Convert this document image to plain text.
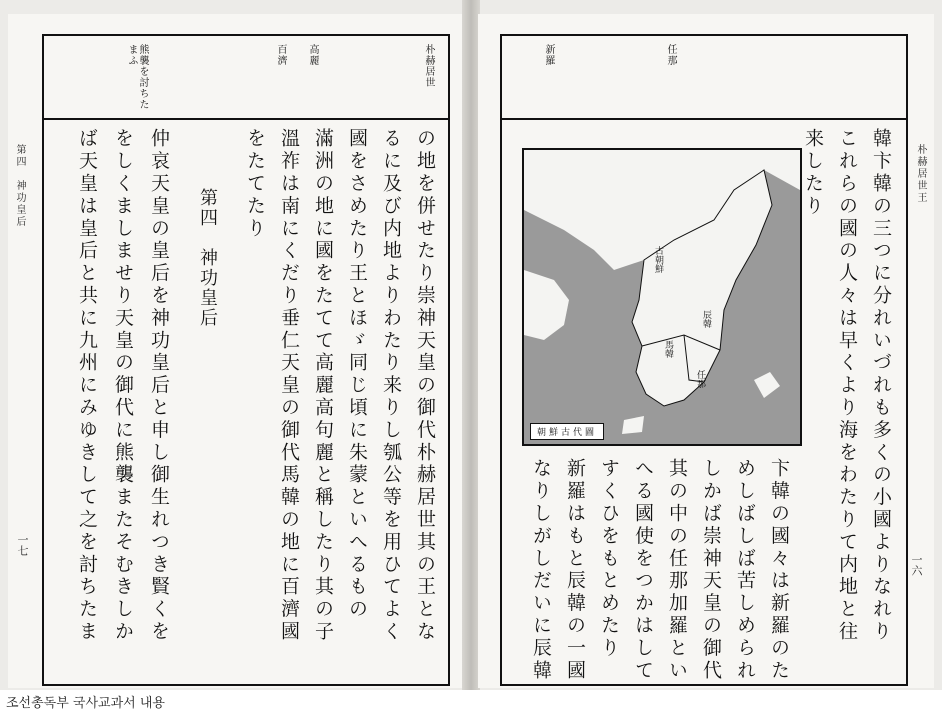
第四　神功皇后
一七
朴赫居世
高麗
百濟
熊襲を討ちたまふ
の地を併せたり崇神天皇の御代朴赫居世其の王とな
るに及び内地よりわたり来りし瓠公等を用ひてよく
國をさめたり王とほゞ同じ頃に朱蒙といへるもの
滿洲の地に國をたてて高麗高句麗と稱したり其の子
溫祚は南にくだり垂仁天皇の御代馬韓の地に百濟國
をたてたり
第四　神功皇后
仲哀天皇の皇后を神功皇后と申し御生れつき賢くを
をしくましませり天皇の御代に熊襲またそむきしか
ば天皇は皇后と共に九州にみゆきして之を討ちたま	朴赫居世王
一六
任那
新羅
韓卞韓の三つに分れいづれも多くの小國よりなれり
これらの國の人々は早くより海をわたりて内地と往
来したり
卞韓の國々は新羅のた
めしばしば苦しめられ
しかば崇神天皇の御代
其の中の任那加羅とい
へる國使をつかはして
すくひをもとめたり
新羅はもと辰韓の一國
なりしがしだいに辰韓
古朝鮮
辰韓
馬韓
任那
朝鮮古代圖
조선총독부 국사교과서 내용
